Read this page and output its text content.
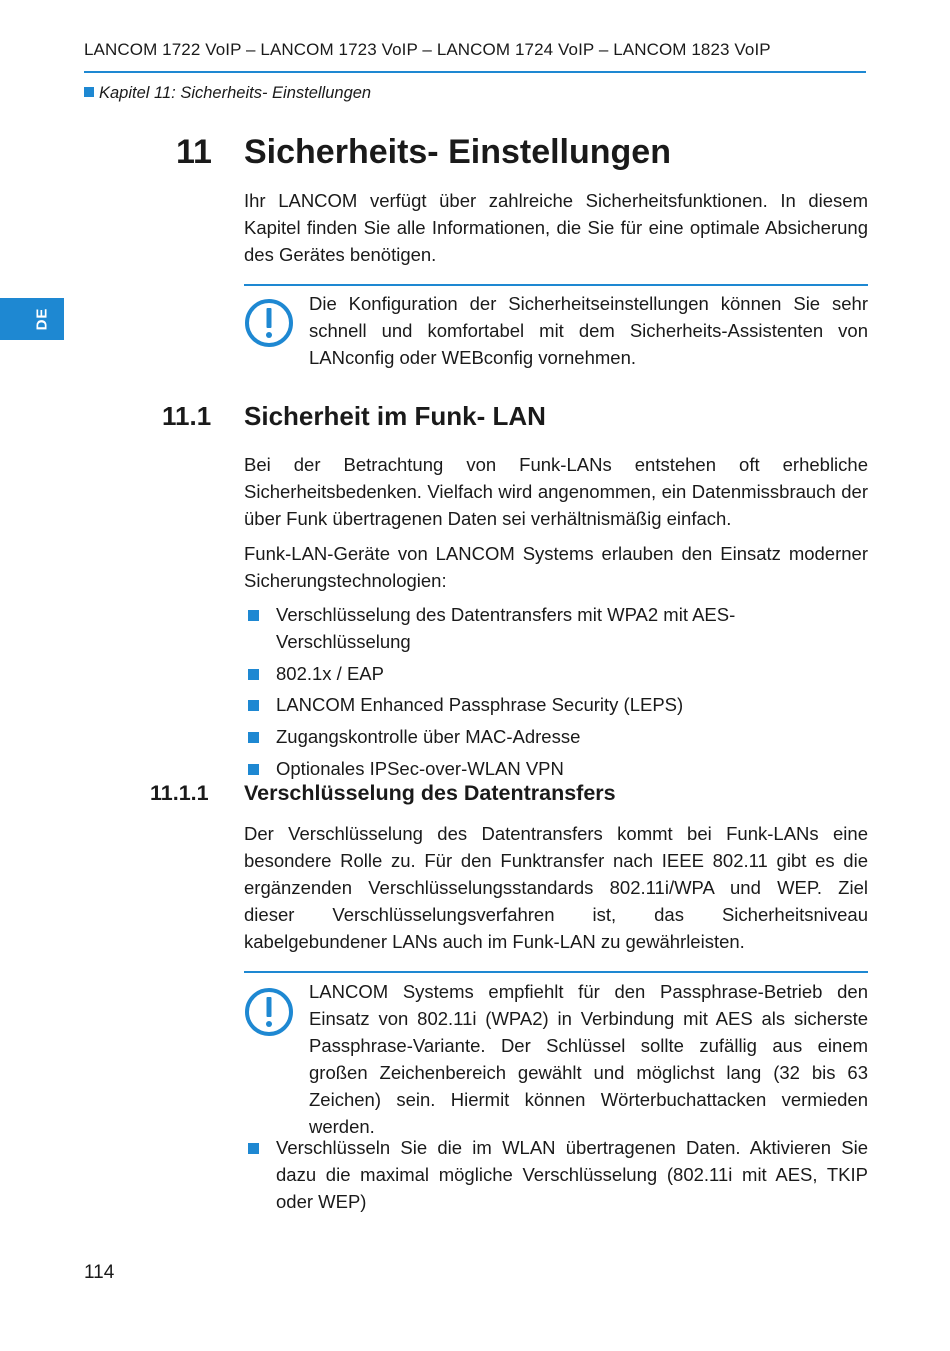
LANCOM 1722 VoIP – LANCOM 1723 VoIP – LANCOM 1724 VoIP – LANCOM 1823 VoIP
Kapitel 11: Sicherheits- Einstellungen
DE
11 Sicherheits- Einstellungen

Ihr LANCOM verfügt über zahlreiche Sicherheitsfunktionen. In diesem Kapitel finden Sie alle Informationen, die Sie für eine optimale Absicherung des Gerätes benötigen.

Die Konfiguration der Sicherheitseinstellungen können Sie sehr schnell und komfortabel mit dem Sicherheits-Assistenten von LANconfig oder WEBconfig vornehmen.

11.1 Sicherheit im Funk- LAN

Bei der Betrachtung von Funk-LANs entstehen oft erhebliche Sicherheitsbedenken. Vielfach wird angenommen, ein Datenmissbrauch der über Funk übertragenen Daten sei verhältnismäßig einfach.

Funk-LAN-Geräte von LANCOM Systems erlauben den Einsatz moderner Sicherungstechnologien:

Verschlüsselung des Datentransfers mit WPA2 mit AES-Verschlüsselung
802.1x / EAP
LANCOM Enhanced Passphrase Security (LEPS)
Zugangskontrolle über MAC-Adresse
Optionales IPSec-over-WLAN VPN
11.1.1 Verschlüsselung des Datentransfers

Der Verschlüsselung des Datentransfers kommt bei Funk-LANs eine besondere Rolle zu. Für den Funktransfer nach IEEE 802.11 gibt es die ergänzenden Verschlüsselungsstandards 802.11i/WPA und WEP. Ziel dieser Verschlüsselungsverfahren ist, das Sicherheitsniveau kabelgebundener LANs auch im Funk-LAN zu gewährleisten.

LANCOM Systems empfiehlt für den Passphrase-Betrieb den Einsatz von 802.11i (WPA2) in Verbindung mit AES als sicherste Passphrase-Variante. Der Schlüssel sollte zufällig aus einem großen Zeichenbereich gewählt und möglichst lang (32 bis 63 Zeichen) sein. Hiermit können Wörterbuchattacken vermieden werden.

Verschlüsseln Sie die im WLAN übertragenen Daten. Aktivieren Sie dazu die maximal mögliche Verschlüsselung (802.11i mit AES, TKIP oder WEP)

114
